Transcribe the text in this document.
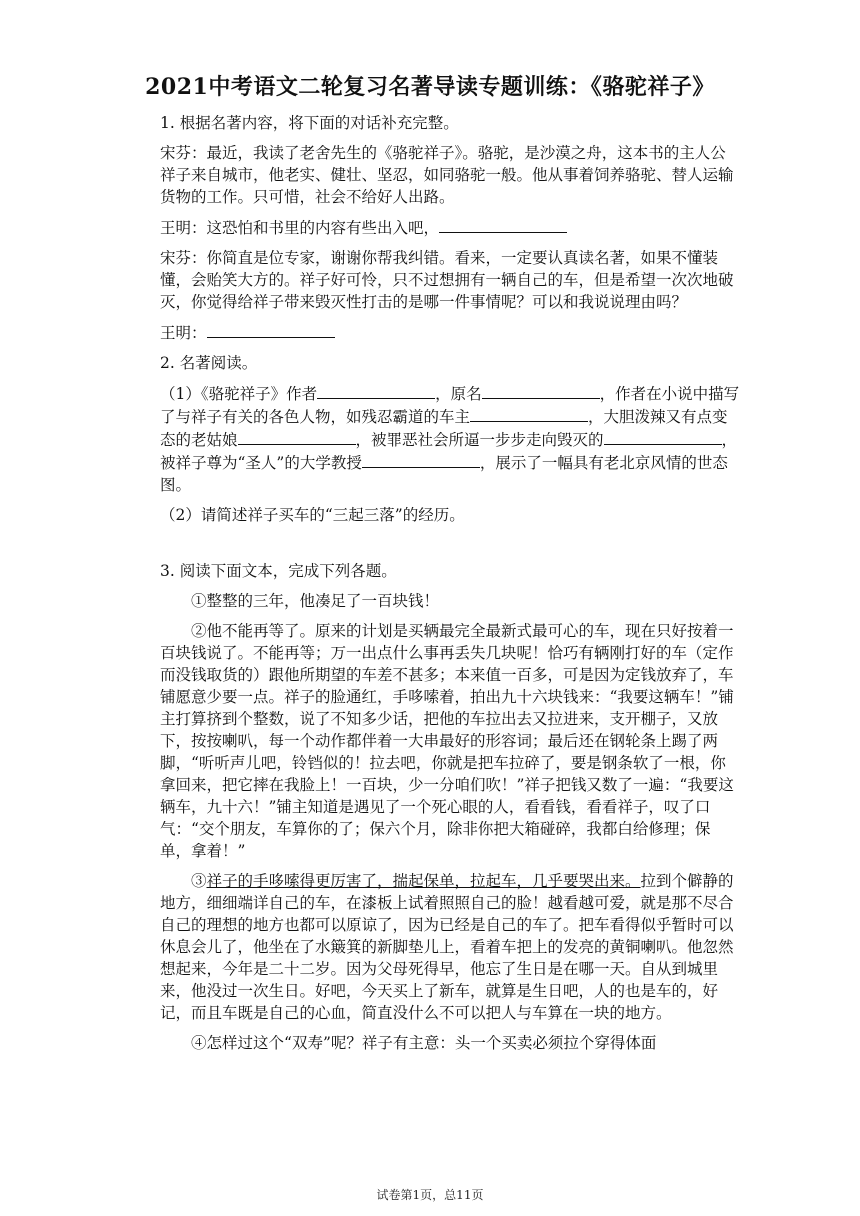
2021中考语文二轮复习名著导读专题训练：《骆驼祥子》

1. 根据名著内容，将下面的对话补充完整。

宋芬：最近，我读了老舍先生的《骆驼祥子》。骆驼，是沙漠之舟，这本书的主人公祥子来自城市，他老实、健壮、坚忍，如同骆驼一般。他从事着饲养骆驼、替人运输货物的工作。只可惜，社会不给好人出路。

王明：这恐怕和书里的内容有些出入吧，

宋芬：你简直是位专家，谢谢你帮我纠错。看来，一定要认真读名著，如果不懂装懂，会贻笑大方的。祥子好可怜，只不过想拥有一辆自己的车，但是希望一次次地破灭，你觉得给祥子带来毁灭性打击的是哪一件事情呢？可以和我说说理由吗？

王明：

2. 名著阅读。

（1）《骆驼祥子》作者	，原名	，作者在小说中描写了与祥子有关的各色人物，如残忍霸道的车主	，大胆泼辣又有点变态的老姑娘	，被罪恶社会所逼一步步走向毁灭的	，被祥子尊为“圣人”的大学教授	，展示了一幅具有老北京风情的世态图。

（2）请简述祥子买车的“三起三落”的经历。

3. 阅读下面文本，完成下列各题。

①整整的三年，他凑足了一百块钱！

②他不能再等了。原来的计划是买辆最完全最新式最可心的车，现在只好按着一百块钱说了。不能再等；万一出点什么事再丢失几块呢！恰巧有辆刚打好的车（定作而没钱取货的）跟他所期望的车差不甚多；本来值一百多，可是因为定钱放弃了，车铺愿意少要一点。祥子的脸通红，手哆嗦着，拍出九十六块钱来：“我要这辆车！”铺主打算挤到个整数，说了不知多少话，把他的车拉出去又拉进来，支开棚子，又放下，按按喇叭，每一个动作都伴着一大串最好的形容词；最后还在钢轮条上踢了两脚，“听听声儿吧，铃铛似的！拉去吧，你就是把车拉碎了，要是钢条软了一根，你拿回来，把它摔在我脸上！一百块，少一分咱们吹！”祥子把钱又数了一遍：“我要这辆车，九十六！”铺主知道是遇见了一个死心眼的人，看看钱，看看祥子，叹了口气：“交个朋友，车算你的了；保六个月，除非你把大箱碰碎，我都白给修理；保单，拿着！”

③祥子的手哆嗦得更厉害了，揣起保单，拉起车，几乎要哭出来。拉到个僻静的地方，细细端详自己的车，在漆板上试着照照自己的脸！越看越可爱，就是那不尽合自己的理想的地方也都可以原谅了，因为已经是自己的车了。把车看得似乎暂时可以休息会儿了，他坐在了水簸箕的新脚垫儿上，看着车把上的发亮的黄铜喇叭。他忽然想起来，今年是二十二岁。因为父母死得早，他忘了生日是在哪一天。自从到城里来，他没过一次生日。好吧，今天买上了新车，就算是生日吧，人的也是车的，好记，而且车既是自己的心血，简直没什么不可以把人与车算在一块的地方。

④怎样过这个“双寿”呢？祥子有主意：头一个买卖必须拉个穿得体面

试卷第1页，总11页
